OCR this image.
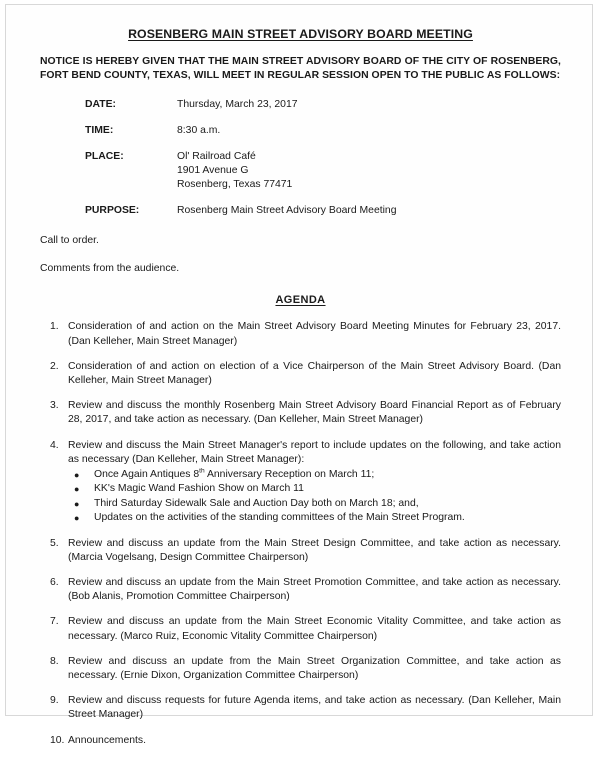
ROSENBERG MAIN STREET ADVISORY BOARD MEETING
NOTICE IS HEREBY GIVEN THAT THE MAIN STREET ADVISORY BOARD OF THE CITY OF ROSENBERG, FORT BEND COUNTY, TEXAS, WILL MEET IN REGULAR SESSION OPEN TO THE PUBLIC AS FOLLOWS:
DATE:	Thursday, March 23, 2017
TIME:	8:30 a.m.
PLACE:	Ol' Railroad Café
1901 Avenue G
Rosenberg, Texas 77471
PURPOSE:	Rosenberg Main Street Advisory Board Meeting
Call to order.
Comments from the audience.
AGENDA
1. Consideration of and action on the Main Street Advisory Board Meeting Minutes for February 23, 2017. (Dan Kelleher, Main Street Manager)
2. Consideration of and action on election of a Vice Chairperson of the Main Street Advisory Board. (Dan Kelleher, Main Street Manager)
3. Review and discuss the monthly Rosenberg Main Street Advisory Board Financial Report as of February 28, 2017, and take action as necessary. (Dan Kelleher, Main Street Manager)
4. Review and discuss the Main Street Manager's report to include updates on the following, and take action as necessary (Dan Kelleher, Main Street Manager):
●	Once Again Antiques 8th Anniversary Reception on March 11;
●	KK's Magic Wand Fashion Show on March 11
●	Third Saturday Sidewalk Sale and Auction Day both on March 18; and,
●	Updates on the activities of the standing committees of the Main Street Program.
5. Review and discuss an update from the Main Street Design Committee, and take action as necessary. (Marcia Vogelsang, Design Committee Chairperson)
6. Review and discuss an update from the Main Street Promotion Committee, and take action as necessary. (Bob Alanis, Promotion Committee Chairperson)
7. Review and discuss an update from the Main Street Economic Vitality Committee, and take action as necessary. (Marco Ruiz, Economic Vitality Committee Chairperson)
8. Review and discuss an update from the Main Street Organization Committee, and take action as necessary. (Ernie Dixon, Organization Committee Chairperson)
9. Review and discuss requests for future Agenda items, and take action as necessary. (Dan Kelleher, Main Street Manager)
10. Announcements.
